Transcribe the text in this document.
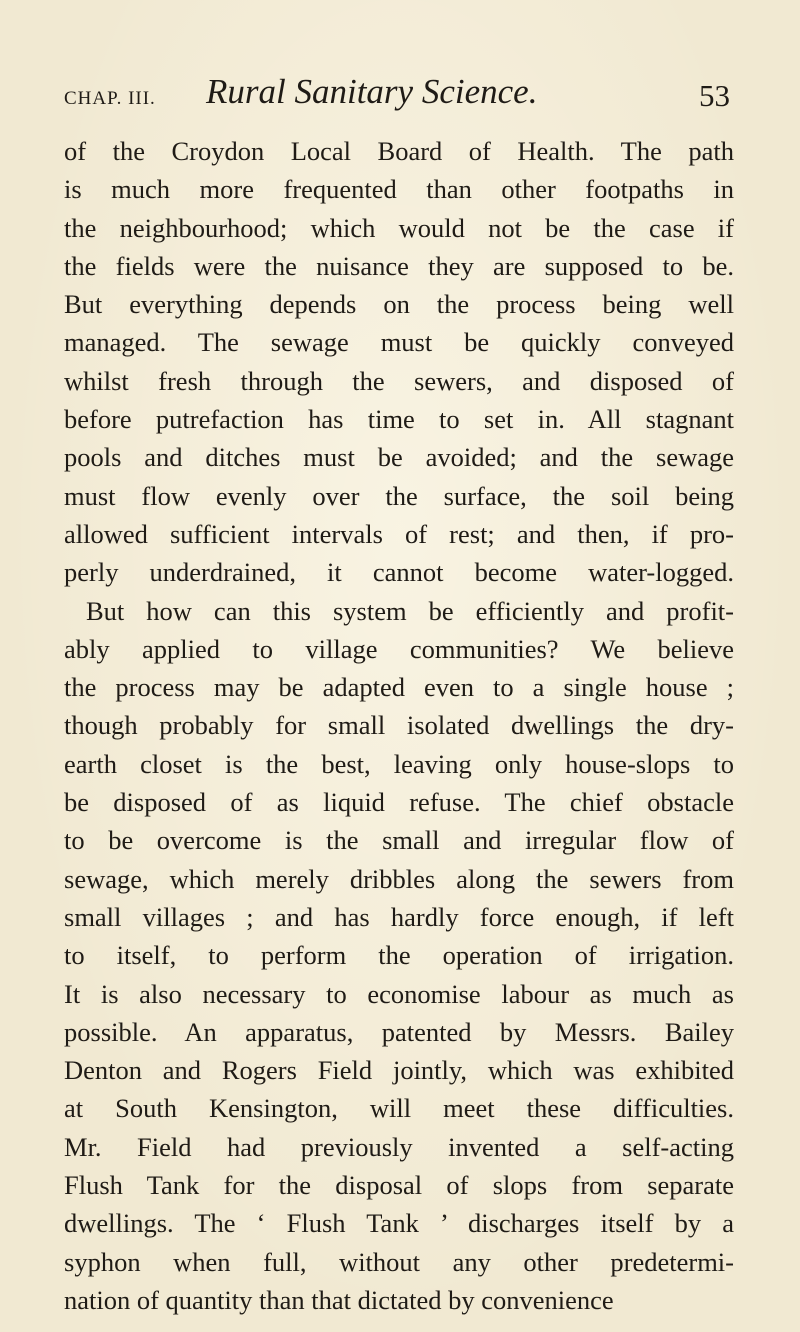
CHAP. III. Rural Sanitary Science.	53
of the Croydon Local Board of Health. The path
is much more frequented than other footpaths in
the neighbourhood; which would not be the case if
the fields were the nuisance they are supposed to be.
But everything depends on the process being well
managed. The sewage must be quickly conveyed
whilst fresh through the sewers, and disposed of
before putrefaction has time to set in. All stagnant
pools and ditches must be avoided; and the sewage
must flow evenly over the surface, the soil being
allowed sufficient intervals of rest; and then, if pro-
perly underdrained, it cannot become water-logged.
But how can this system be efficiently and profit-
ably applied to village communities? We believe
the process may be adapted even to a single house ;
though probably for small isolated dwellings the dry-
earth closet is the best, leaving only house-slops to
be disposed of as liquid refuse. The chief obstacle
to be overcome is the small and irregular flow of
sewage, which merely dribbles along the sewers from
small villages ; and has hardly force enough, if left
to itself, to perform the operation of irrigation.
It is also necessary to economise labour as much as
possible. An apparatus, patented by Messrs. Bailey
Denton and Rogers Field jointly, which was exhibited
at South Kensington, will meet these difficulties.
Mr. Field had previously invented a self-acting
Flush Tank for the disposal of slops from separate
dwellings. The ‘ Flush Tank ’ discharges itself by a
syphon when full, without any other predetermi-
nation of quantity than that dictated by convenience
